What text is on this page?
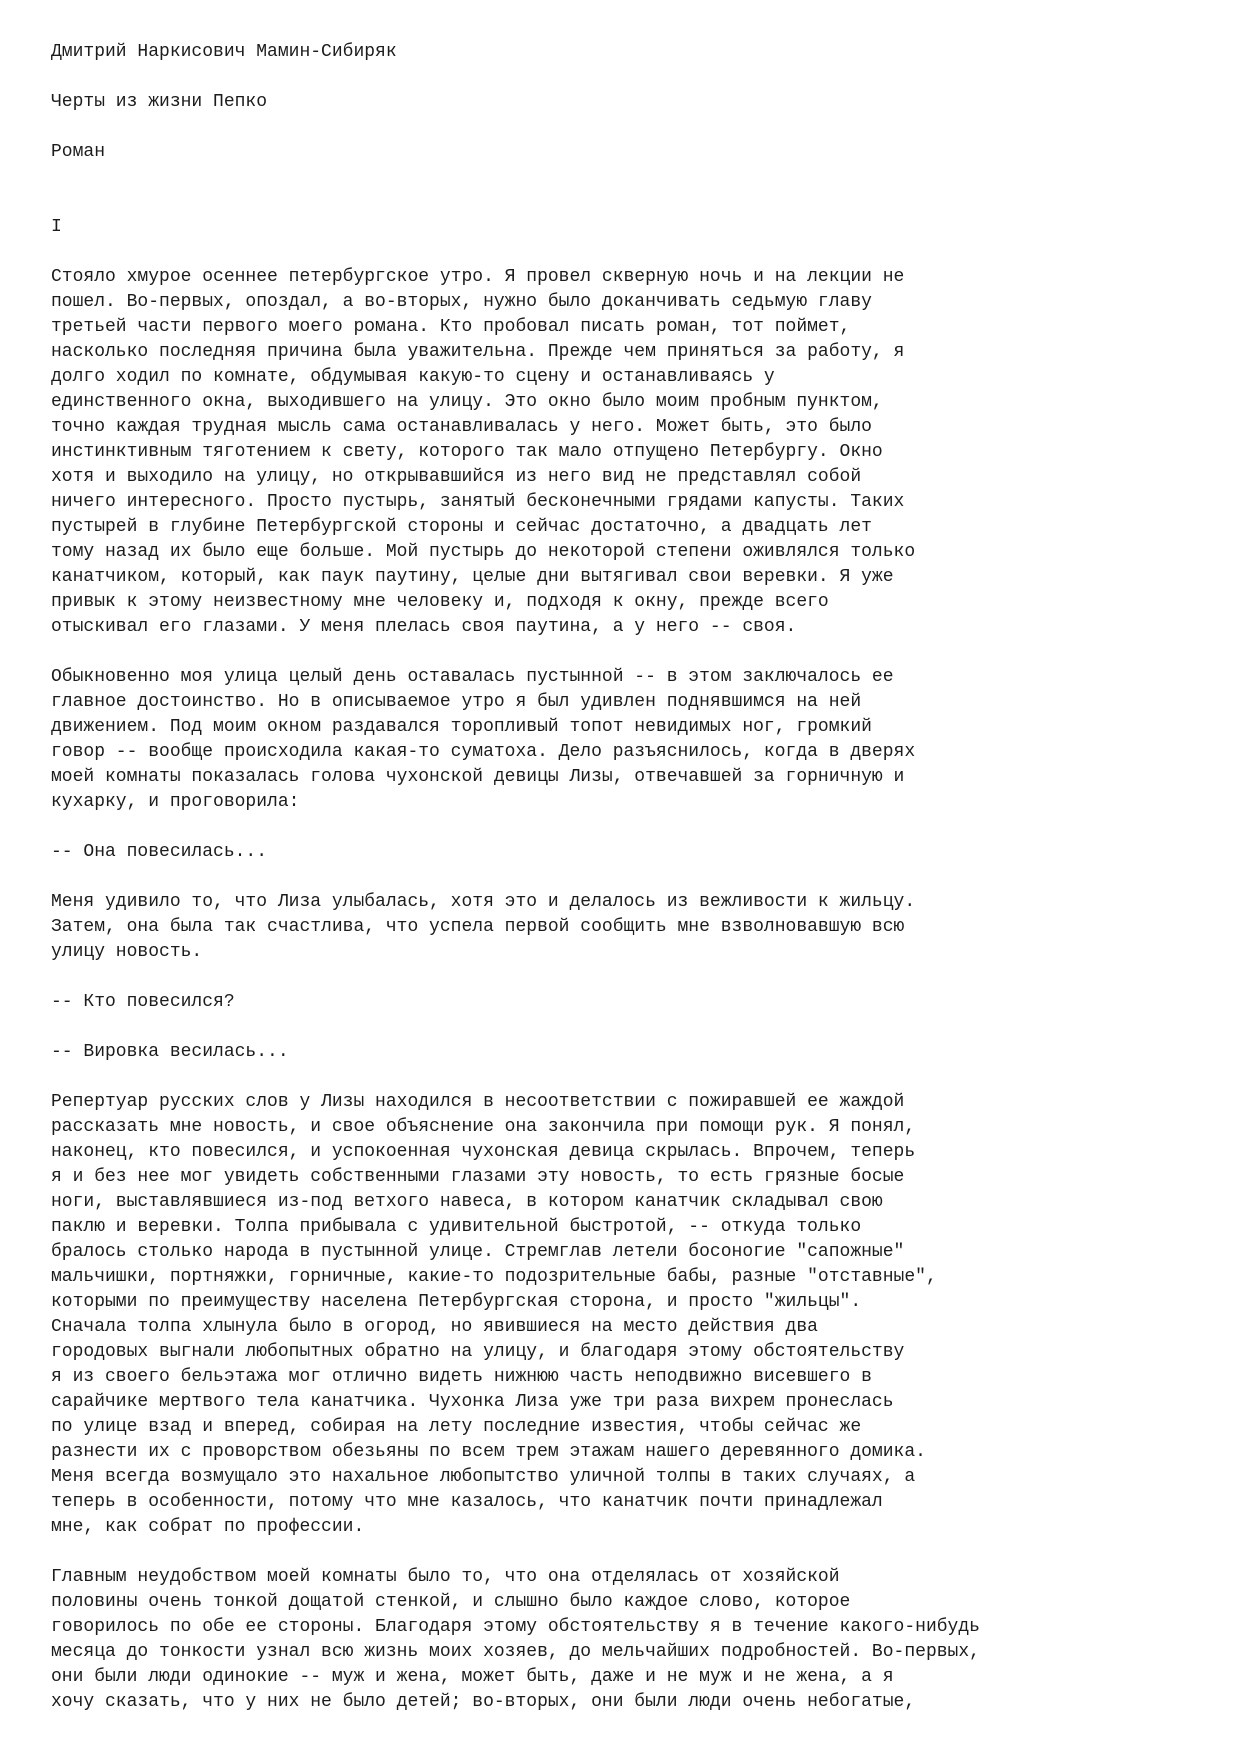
Дмитрий Наркисович Мамин-Сибиряк
Черты из жизни Пепко
Роман
I
Стояло хмурое осеннее петербургское утро. Я провел скверную ночь и на лекции не
пошел. Во-первых, опоздал, а во-вторых, нужно было доканчивать седьмую главу
третьей части первого моего романа. Кто пробовал писать роман, тот поймет,
насколько последняя причина была уважительна. Прежде чем приняться за работу, я
долго ходил по комнате, обдумывая какую-то сцену и останавливаясь у
единственного окна, выходившего на улицу. Это окно было моим пробным пунктом,
точно каждая трудная мысль сама останавливалась у него. Может быть, это было
инстинктивным тяготением к свету, которого так мало отпущено Петербургу. Окно
хотя и выходило на улицу, но открывавшийся из него вид не представлял собой
ничего интересного. Просто пустырь, занятый бесконечными грядами капусты. Таких
пустырей в глубине Петербургской стороны и сейчас достаточно, а двадцать лет
тому назад их было еще больше. Мой пустырь до некоторой степени оживлялся только
канатчиком, который, как паук паутину, целые дни вытягивал свои веревки. Я уже
привык к этому неизвестному мне человеку и, подходя к окну, прежде всего
отыскивал его глазами. У меня плелась своя паутина, а у него -- своя.
Обыкновенно моя улица целый день оставалась пустынной -- в этом заключалось ее
главное достоинство. Но в описываемое утро я был удивлен поднявшимся на ней
движением. Под моим окном раздавался торопливый топот невидимых ног, громкий
говор -- вообще происходила какая-то суматоха. Дело разъяснилось, когда в дверях
моей комнаты показалась голова чухонской девицы Лизы, отвечавшей за горничную и
кухарку, и проговорила:
-- Она повесилась...
Меня удивило то, что Лиза улыбалась, хотя это и делалось из вежливости к жильцу.
Затем, она была так счастлива, что успела первой сообщить мне взволновавшую всю
улицу новость.
-- Кто повесился?
-- Вировка весилась...
Репертуар русских слов у Лизы находился в несоответствии с пожиравшей ее жаждой
рассказать мне новость, и свое объяснение она закончила при помощи рук. Я понял,
наконец, кто повесился, и успокоенная чухонская девица скрылась. Впрочем, теперь
я и без нее мог увидеть собственными глазами эту новость, то есть грязные босые
ноги, выставлявшиеся из-под ветхого навеса, в котором канатчик складывал свою
паклю и веревки. Толпа прибывала с удивительной быстротой, -- откуда только
бралось столько народа в пустынной улице. Стремглав летели босоногие "сапожные"
мальчишки, портняжки, горничные, какие-то подозрительные бабы, разные "отставные",
которыми по преимуществу населена Петербургская сторона, и просто "жильцы".
Сначала толпа хлынула было в огород, но явившиеся на место действия два
городовых выгнали любопытных обратно на улицу, и благодаря этому обстоятельству
я из своего бельэтажа мог отлично видеть нижнюю часть неподвижно висевшего в
сарайчике мертвого тела канатчика. Чухонка Лиза уже три раза вихрем пронеслась
по улице взад и вперед, собирая на лету последние известия, чтобы сейчас же
разнести их с проворством обезьяны по всем трем этажам нашего деревянного домика.
Меня всегда возмущало это нахальное любопытство уличной толпы в таких случаях, а
теперь в особенности, потому что мне казалось, что канатчик почти принадлежал
мне, как собрат по профессии.
Главным неудобством моей комнаты было то, что она отделялась от хозяйской
половины очень тонкой дощатой стенкой, и слышно было каждое слово, которое
говорилось по обе ее стороны. Благодаря этому обстоятельству я в течение какого-нибудь
месяца до тонкости узнал всю жизнь моих хозяев, до мельчайших подробностей. Во-первых,
они были люди одинокие -- муж и жена, может быть, даже и не муж и не жена, а я
хочу сказать, что у них не было детей; во-вторых, они были люди очень небогатые,
